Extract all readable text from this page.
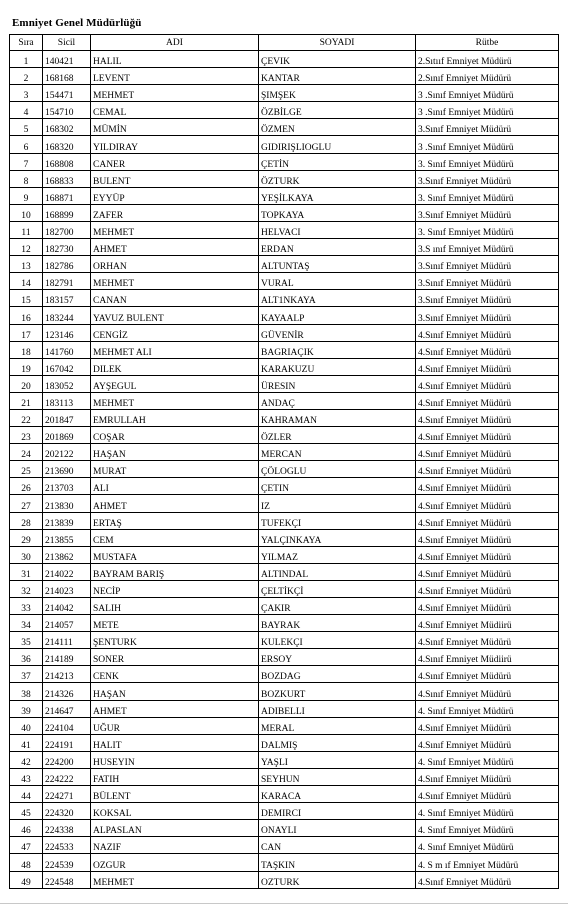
Emniyet Genel Müdürlüğü
Sıra	Sicil	ADI	SOYADI	Rütbe
1	140421	HALIL	ÇEVIK	2.Sıtııf Emniyet Müdürü
2	168168	LEVENT	KANTAR	2.Sınıf Emniyet Müdürü
3	154471	MEHMET	ŞIMŞEK	3 .Sınıf Emniyet Müdürü
4	154710	CEMAL	ÖZBİLGE	3 .Sınıf Emniyet Müdürü
5	168302	MÜMİN	ÖZMEN	3.Sınıf Emniyet Müdürü
6	168320	YILDIRAY	GIDIRIŞLIOGLU	3 .Sınıf Emniyet Müdürü
7	168808	CANER	ÇETİN	3. Sınıf Emniyet Müdürü
8	168833	BULENT	ÖZTURK	3.Sınıf Emniyet Müdürü
9	168871	EYYÜP	YEŞİLKAYA	3. Sınıf Emniyet Müdürü
10	168899	ZAFER	TOPKAYA	3.Sınıf Emniyet Müdürü
11	182700	MEHMET	HELVACI	3. Sınıf Emniyet Müdürü
12	182730	AHMET	ERDAN	3.S ınıf Emniyet Müdürü
13	182786	ORHAN	ALTUNTAŞ	3.Sınıf Emniyet Müdürü
14	182791	MEHMET	VURAL	3.Sınıf Emniyet Müdürü
15	183157	CANAN	ALT1NKAYA	3.Sınıf Emniyet Müdürü
16	183244	YAVUZ BULENT	KAYAALP	3.Sınıf Emniyet Müdürü
17	123146	CENGİZ	GÜVENİR	4.Sınıf Emniyet Müdürü
18	141760	MEHMET ALI	BAGRIAÇIK	4.Sınıf Emniyet Müdürü
19	167042	DILEK	KARAKUZU	4.Sınıf Emniyet Müdürü
20	183052	AYŞEGUL	ÜRESIN	4.Sınıf Emniyet Müdürü
21	183113	MEHMET	ANDAÇ	4.Sınıf Emniyet Müdürü
22	201847	EMRULLAH	KAHRAMAN	4.Sınıf Emniyet Müdürü
23	201869	COŞAR	ÖZLER	4.Sınıf Emniyet Müdürü
24	202122	HAŞAN	MERCAN	4.Sınıf Emniyet Müdürü
25	213690	MURAT	ÇÖLOGLU	4.Sınıf Emniyet Müdürü
26	213703	ALI	ÇETIN	4.Sınıf Emniyet Müdürü
27	213830	AHMET	IZ	4.Sınıf Emniyet Müdürü
28	213839	ERTAŞ	TUFEKÇI	4.Sınıf Emniyet Müdürü
29	213855	CEM	YALÇINKAYA	4.Sınıf Emniyet Müdürü
30	213862	MUSTAFA	YILMAZ	4.Sınıf Emniyet Müdürü
31	214022	BAYRAM BARIŞ	ALTINDAL	4.Sınıf Emniyet Müdürü
32	214023	NECİP	ÇELTİKÇİ	4.Sınıf Emniyet Müdürü
33	214042	SALIH	ÇAKIR	4.Sınıf Emniyet Müdürü
34	214057	METE	BAYRAK	4.Sınıf Emniyet Müdiirü
35	214111	ŞENTURK	KULEKÇI	4.Sınıf Emniyet Müdürü
36	214189	SONER	ERSOY	4.Sınıf Emniyet Müdiirü
37	214213	CENK	BOZDAG	4.Sınıf Emniyet Müdürü
38	214326	HAŞAN	BOZKURT	4.Sınıf Emniyet Müdürü
39	214647	AHMET	ADIBELLI	4. Sınıf Emniyet Müdürü
40	224104	UĞUR	MERAL	4.Sınıf Emniyet Müdürü
41	224191	HALIT	DALMIŞ	4.Sınıf Emniyet Müdürü
42	224200	HUSEYIN	YAŞLI	4. Sınıf Emniyet Müdürü
43	224222	FATIH	SEYHUN	4.Sınıf Emniyet Müdürü
44	224271	BÜLENT	KARACA	4.Sınıf Emniyet Müdürü
45	224320	KOKSAL	DEMIRCI	4. Sınıf Emniyet Müdürü
46	224338	ALPASLAN	ONAYLI	4. Sınıf Emniyet Müdürü
47	224533	NAZIF	CAN	4. Sınıf Emniyet Müdürü
48	224539	OZGUR	TAŞKIN	4. S m ıf Emniyet Müdürü
49	224548	MEHMET	OZTURK	4.Sınıf Emniyet Müdürü
